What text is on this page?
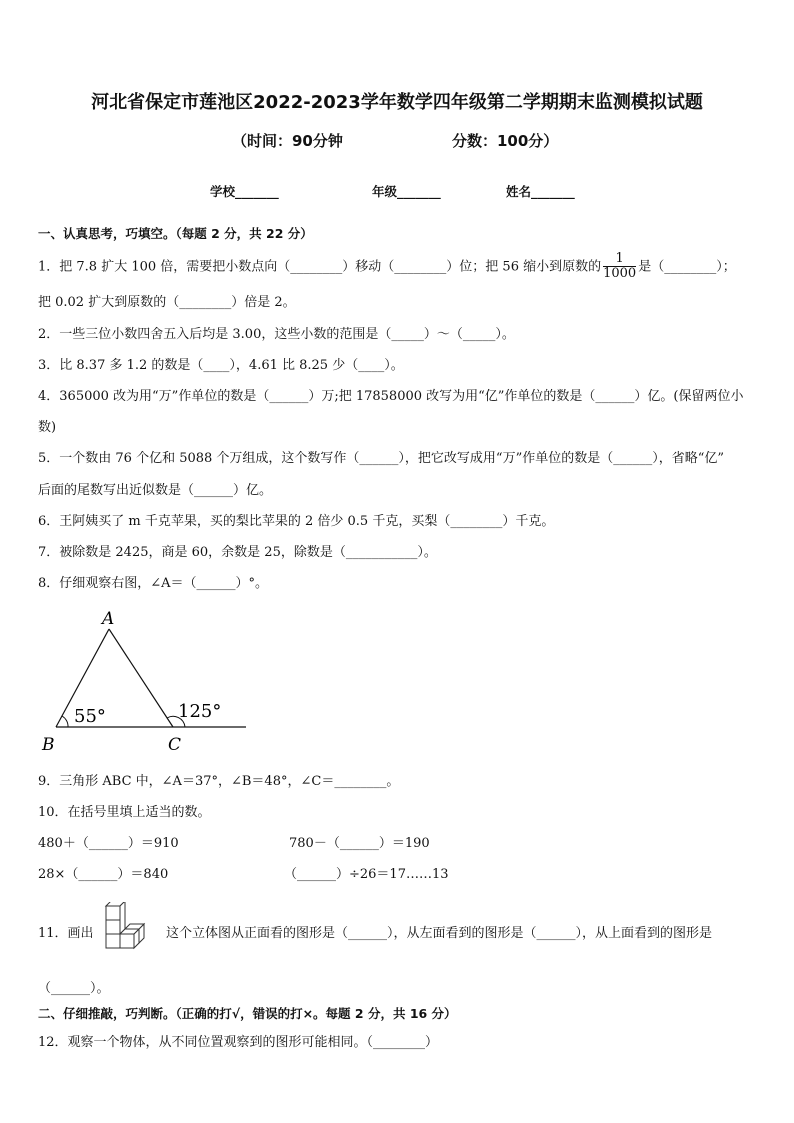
河北省保定市莲池区2022-2023学年数学四年级第二学期期末监测模拟试题
（时间：90分钟	分数：100分）
学校_______	年级_______	姓名_______
一、认真思考，巧填空。（每题 2 分，共 22 分）
1．把 7.8 扩大 100 倍，需要把小数点向（________）移动（________）位；把 56 缩小到原数的 $\frac{1}{1000}$ 是（________）；
把 0.02 扩大到原数的（________）倍是 2。
2．一些三位小数四舍五入后均是 3.00，这些小数的范围是（_____）～（_____）。
3．比 8.37 多 1.2 的数是（____），4.61 比 8.25 少（____）。
4．365000 改为用“万”作单位的数是（______）万;把 17858000 改写为用“亿”作单位的数是（______）亿。(保留两位小
数)
5．一个数由 76 个亿和 5088 个万组成，这个数写作（______），把它改写成用“万”作单位的数是（______），省略“亿”
后面的尾数写出近似数是（______）亿。
6．王阿姨买了 m 千克苹果，买的梨比苹果的 2 倍少 0.5 千克，买梨（________）千克。
7．被除数是 2425，商是 60，余数是 25，除数是（___________）。
8．仔细观察右图，∠A＝（______）°。
A
B	C
55°	125°
9．三角形 ABC 中，∠A＝37°，∠B＝48°，∠C＝________。
10．在括号里填上适当的数。
480＋（______）＝910	780－（______）＝190
28×（______）＝840	（______）÷26＝17……13
11．画出	这个立体图从正面看的图形是（______），从左面看到的图形是（______），从上面看到的图形是
（______）。
二、仔细推敲，巧判断。（正确的打√，错误的打×。每题 2 分，共 16 分）
12．观察一个物体，从不同位置观察到的图形可能相同。（________）
